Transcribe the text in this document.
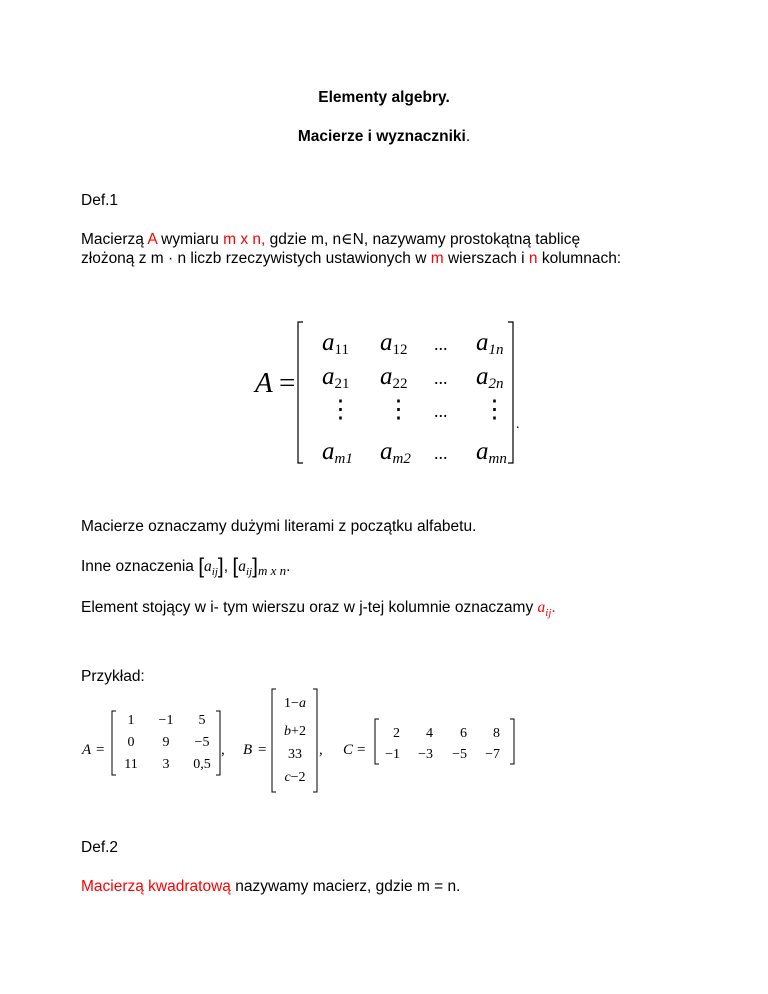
Elementy algebry.
Macierze i wyznaczniki.
Def.1
Macierzą A wymiaru m x n, gdzie m, n∈N, nazywamy prostokątną tablicę
złożoną z m · n liczb rzeczywistych ustawionych w m wierszach i n kolumnach:
A =
a11 a12 ... a1n
a21 a22 ... a2n
⋮ ⋮ ... ⋮
am1 am2 ... amn
.
Macierze oznaczamy dużymi literami z początku alfabetu.
Inne oznaczenia $[a_{ij}]$, $[a_{ij}]_{m x n}$.
Element stojący w i- tym wierszu oraz w j-tej kolumnie oznaczamy $a_{ij}$.
Przykład:
A =
1 −1 5
0 9 −5
11 3 0,5
, B =
1−a
b+2
33
c−2
, C =
2 4 6 8
−1 −3 −5 −7
Def.2
Macierzą kwadratową nazywamy macierz, gdzie m = n.
